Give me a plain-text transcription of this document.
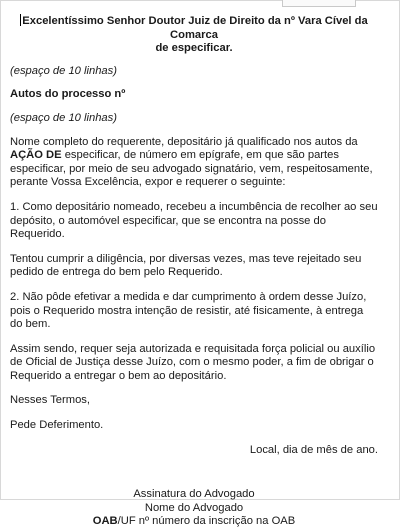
Excelentíssimo Senhor Doutor Juiz de Direito da nº Vara Cível da Comarca
de especificar.

(espaço de 10 linhas)

Autos do processo nº

(espaço de 10 linhas)

Nome completo do requerente, depositário já qualificado nos autos da AÇÃO DE especificar, de número em epígrafe, em que são partes especificar, por meio de seu advogado signatário, vem, respeitosamente, perante Vossa Excelência, expor e requerer o seguinte:

1. Como depositário nomeado, recebeu a incumbência de recolher ao seu depósito, o automóvel especificar, que se encontra na posse do Requerido.

Tentou cumprir a diligência, por diversas vezes, mas teve rejeitado seu pedido de entrega do bem pelo Requerido.

2. Não pôde efetivar a medida e dar cumprimento à ordem desse Juízo, pois o Requerido mostra intenção de resistir, até fisicamente, à entrega do bem.

Assim sendo, requer seja autorizada e requisitada força policial ou auxílio de Oficial de Justiça desse Juízo, com o mesmo poder, a fim de obrigar o Requerido a entregar o bem ao depositário.

Nesses Termos,

Pede Deferimento.

Local, dia de mês de ano.

Assinatura do Advogado

Nome do Advogado

OAB/UF nº número da inscrição na OAB
